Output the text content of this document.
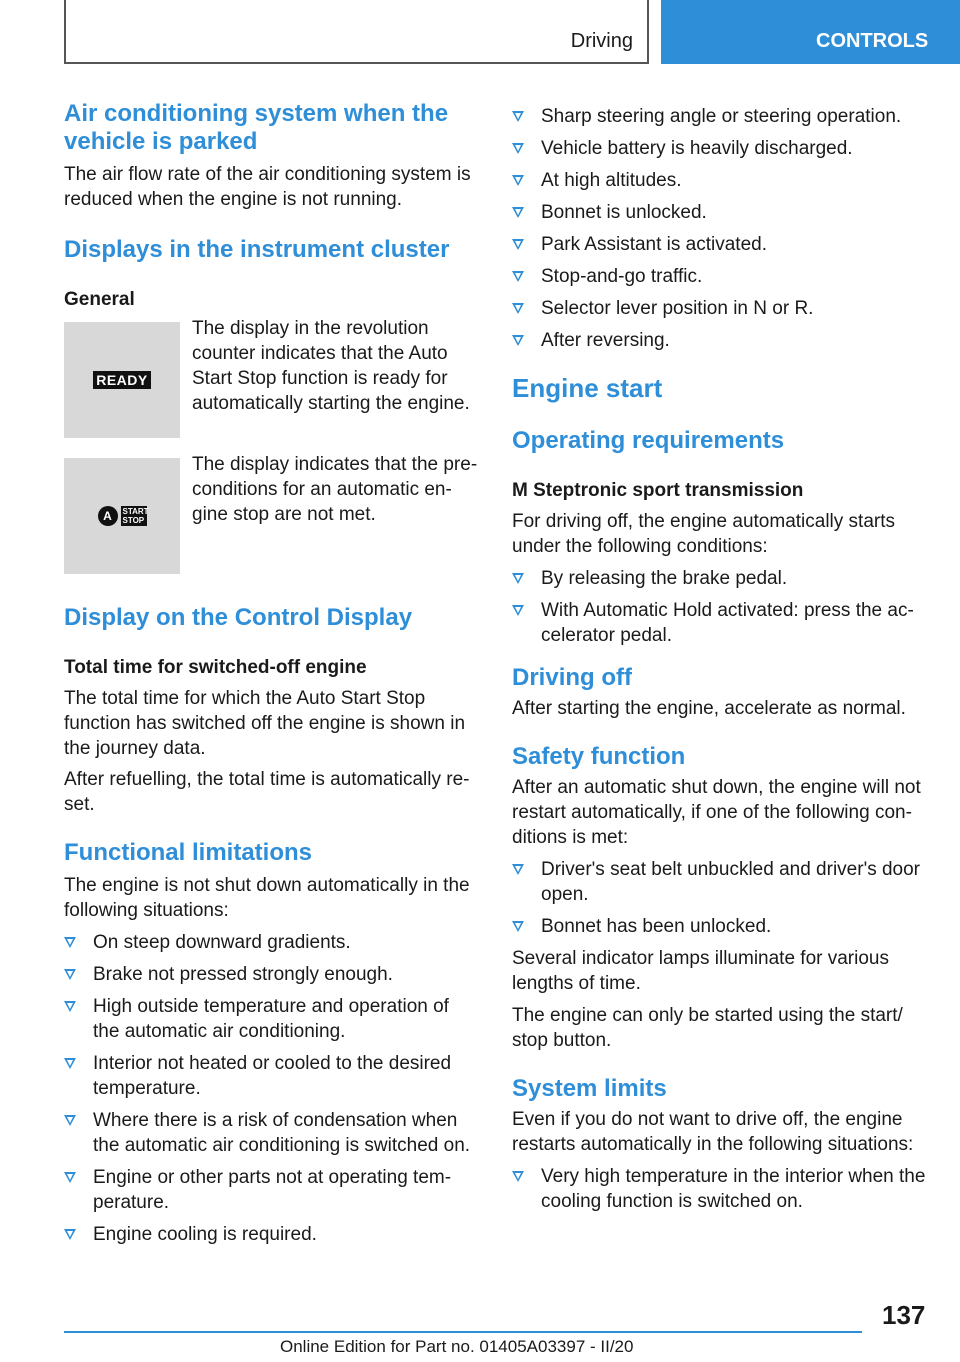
Driving	CONTROLS
Air conditioning system when the vehicle is parked

The air flow rate of the air conditioning system is reduced when the engine is not running.

Displays in the instrument cluster
General
READY

The display in the revolution counter indicates that the Auto Start Stop function is ready for automatically starting the engine.

A	START STOP

The display indicates that the pre-conditions for an automatic en-gine stop are not met.

Display on the Control Display
Total time for switched-off engine

The total time for which the Auto Start Stop function has switched off the engine is shown in the journey data.

After refuelling, the total time is automatically re-set.

Functional limitations

The engine is not shut down automatically in the following situations:

On steep downward gradients.
Brake not pressed strongly enough.
High outside temperature and operation of the automatic air conditioning.
Interior not heated or cooled to the desired temperature.
Where there is a risk of condensation when the automatic air conditioning is switched on.
Engine or other parts not at operating tem-perature.
Engine cooling is required.
Sharp steering angle or steering operation.
Vehicle battery is heavily discharged.
At high altitudes.
Bonnet is unlocked.
Park Assistant is activated.
Stop-and-go traffic.
Selector lever position in N or R.
After reversing.
Engine start
Operating requirements
M Steptronic sport transmission

For driving off, the engine automatically starts under the following conditions:

By releasing the brake pedal.
With Automatic Hold activated: press the ac-celerator pedal.
Driving off

After starting the engine, accelerate as normal.

Safety function

After an automatic shut down, the engine will not restart automatically, if one of the following con-ditions is met:

Driver's seat belt unbuckled and driver's door open.
Bonnet has been unlocked.

Several indicator lamps illuminate for various lengths of time.

The engine can only be started using the start/ stop button.

System limits

Even if you do not want to drive off, the engine restarts automatically in the following situations:

Very high temperature in the interior when the cooling function is switched on.
137
Online Edition for Part no. 01405A03397 - II/20
